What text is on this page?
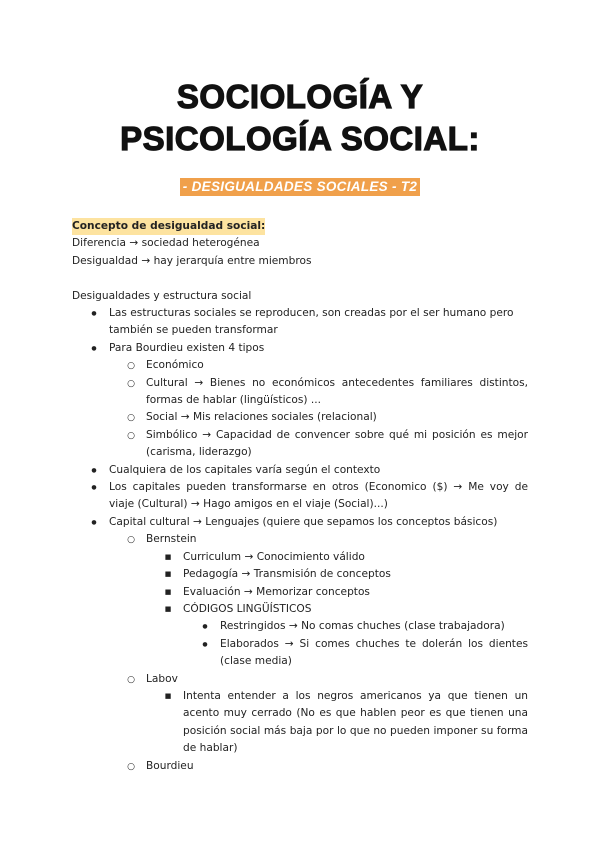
SOCIOLOGÍA Y
PSICOLOGÍA SOCIAL:
- DESIGUALDADES SOCIALES - T2

Concepto de desigualdad social:

Diferencia → sociedad heterogénea

Desigualdad → hay jerarquía entre miembros

Desigualdades y estructura social

●
Las estructuras sociales se reproducen, son creadas por el ser humano pero también se pueden transformar
●
Para Bourdieu existen 4 tipos
○
Económico
○
Cultural → Bienes no económicos antecedentes familiares distintos, formas de hablar (lingüísticos) ...
○
Social → Mis relaciones sociales (relacional)
○
Simbólico → Capacidad de convencer sobre qué mi posición es mejor (carisma, liderazgo)
●
Cualquiera de los capitales varía según el contexto
●
Los capitales pueden transformarse en otros (Economico ($) → Me voy de viaje (Cultural) → Hago amigos en el viaje (Social)...)
●
Capital cultural → Lenguajes (quiere que sepamos los conceptos básicos)
○
Bernstein
■
Curriculum → Conocimiento válido
■
Pedagogía → Transmisión de conceptos
■
Evaluación → Memorizar conceptos
■
CÓDIGOS LINGÜÍSTICOS
●
Restringidos → No comas chuches (clase trabajadora)
●
Elaborados → Si comes chuches te dolerán los dientes (clase media)
○
Labov
■
Intenta entender a los negros americanos ya que tienen un acento muy cerrado (No es que hablen peor es que tienen una posición social más baja por lo que no pueden imponer su forma de hablar)
○
Bourdieu
